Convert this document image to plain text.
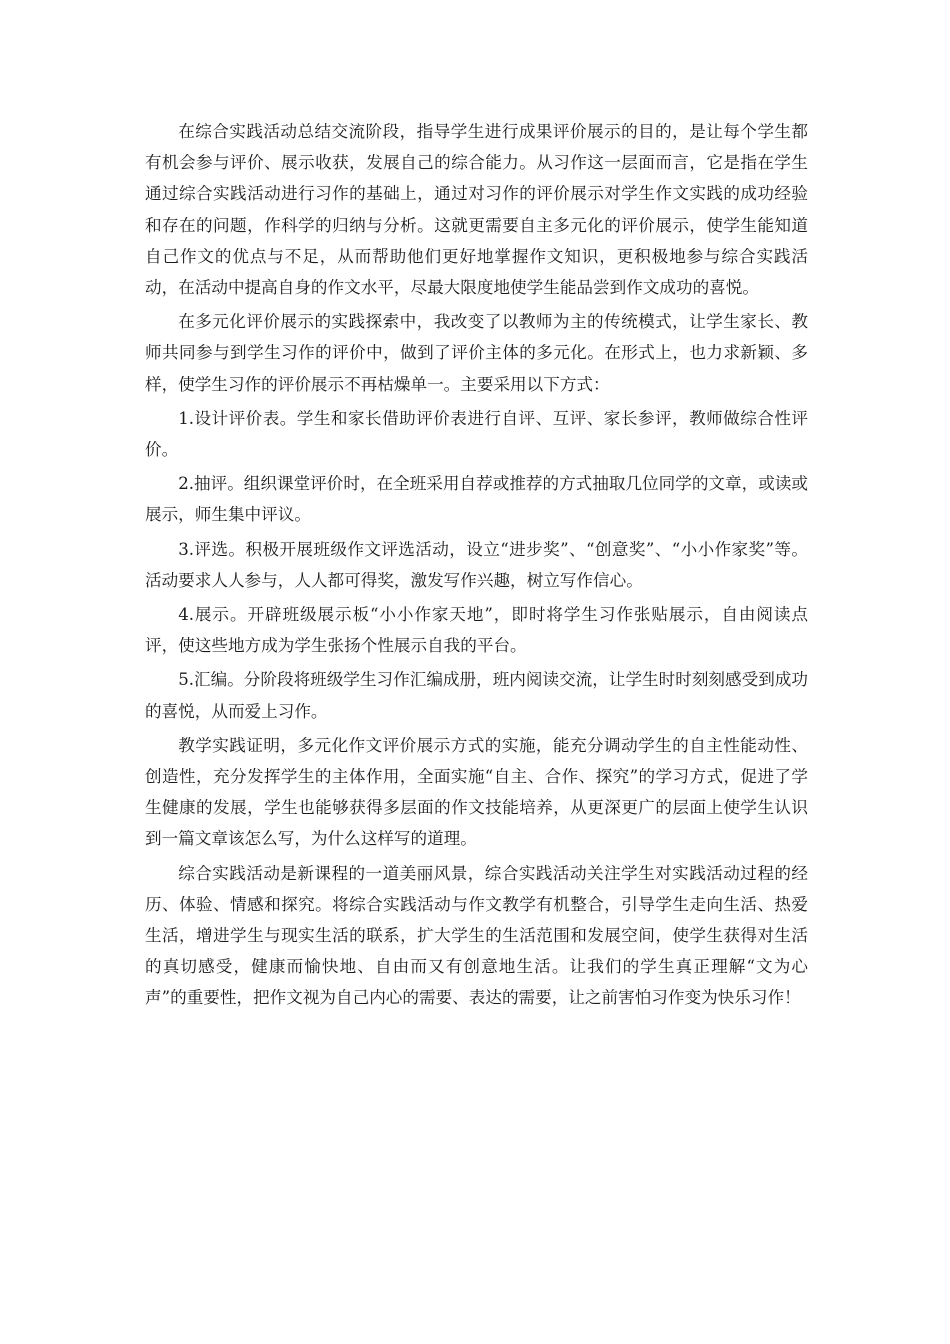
在综合实践活动总结交流阶段，指导学生进行成果评价展示的目的，是让每个学生都有机会参与评价、展示收获，发展自己的综合能力。从习作这一层面而言，它是指在学生通过综合实践活动进行习作的基础上，通过对习作的评价展示对学生作文实践的成功经验和存在的问题，作科学的归纳与分析。这就更需要自主多元化的评价展示，使学生能知道自己作文的优点与不足，从而帮助他们更好地掌握作文知识，更积极地参与综合实践活动，在活动中提高自身的作文水平，尽最大限度地使学生能品尝到作文成功的喜悦。

在多元化评价展示的实践探索中，我改变了以教师为主的传统模式，让学生家长、教师共同参与到学生习作的评价中，做到了评价主体的多元化。在形式上，也力求新颖、多样，使学生习作的评价展示不再枯燥单一。主要采用以下方式：

1.设计评价表。学生和家长借助评价表进行自评、互评、家长参评，教师做综合性评价。

2.抽评。组织课堂评价时，在全班采用自荐或推荐的方式抽取几位同学的文章，或读或展示，师生集中评议。

3.评选。积极开展班级作文评选活动，设立“进步奖”、“创意奖”、“小小作家奖”等。活动要求人人参与，人人都可得奖，激发写作兴趣，树立写作信心。

4.展示。开辟班级展示板“小小作家天地”，即时将学生习作张贴展示，自由阅读点评，使这些地方成为学生张扬个性展示自我的平台。

5.汇编。分阶段将班级学生习作汇编成册，班内阅读交流，让学生时时刻刻感受到成功的喜悦，从而爱上习作。

教学实践证明，多元化作文评价展示方式的实施，能充分调动学生的自主性能动性、创造性，充分发挥学生的主体作用，全面实施“自主、合作、探究”的学习方式，促进了学生健康的发展，学生也能够获得多层面的作文技能培养，从更深更广的层面上使学生认识到一篇文章该怎么写，为什么这样写的道理。

综合实践活动是新课程的一道美丽风景，综合实践活动关注学生对实践活动过程的经历、体验、情感和探究。将综合实践活动与作文教学有机整合，引导学生走向生活、热爱生活，增进学生与现实生活的联系，扩大学生的生活范围和发展空间，使学生获得对生活的真切感受，健康而愉快地、自由而又有创意地生活。让我们的学生真正理解“文为心声”的重要性，把作文视为自己内心的需要、表达的需要，让之前害怕习作变为快乐习作！
